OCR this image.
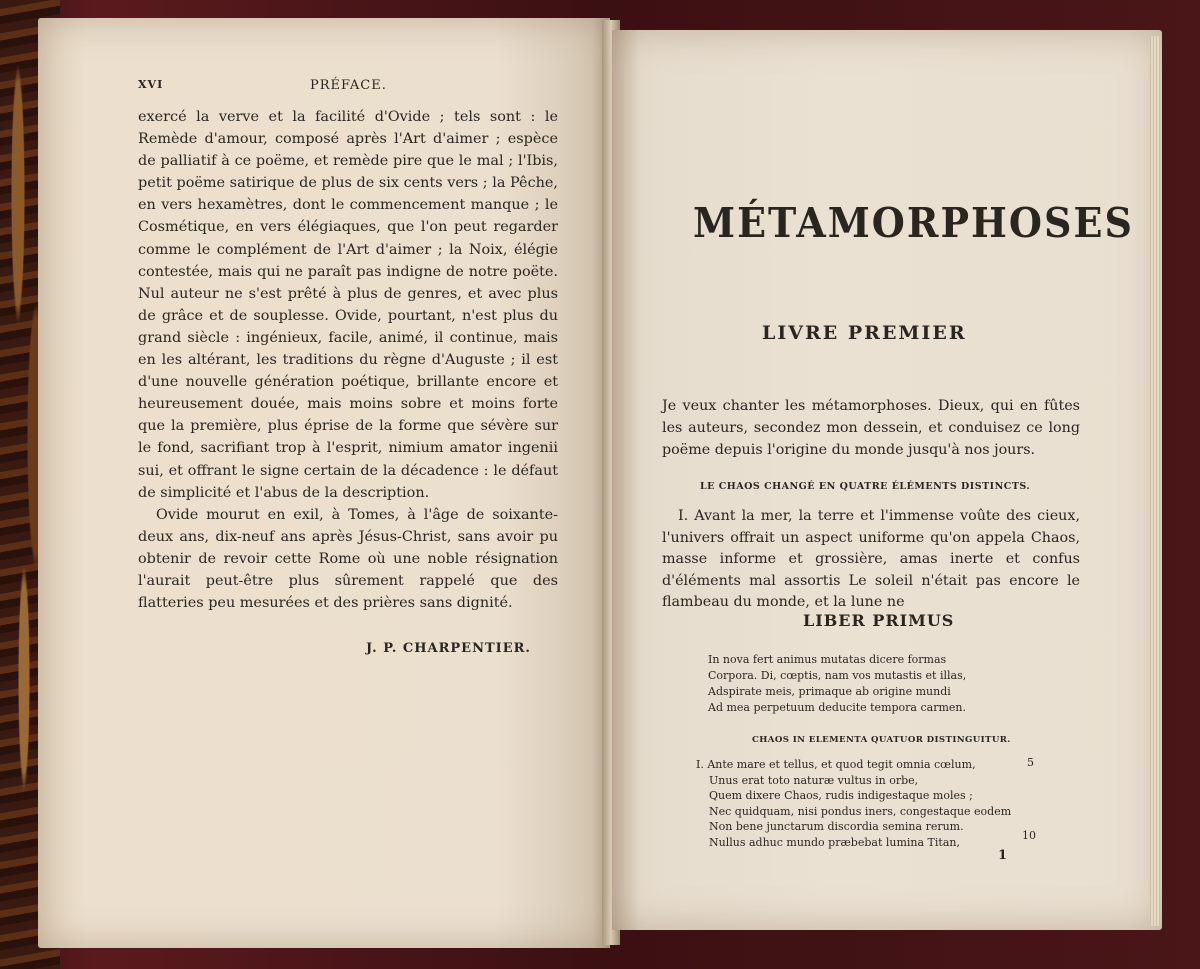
XVI	PRÉFACE.

exercé la verve et la facilité d'Ovide ; tels sont : le Remède d'amour, composé après l'Art d'aimer ; espèce de palliatif à ce poëme, et remède pire que le mal ; l'Ibis, petit poëme satirique de plus de six cents vers ; la Pêche, en vers hexamètres, dont le commencement manque ; le Cosmétique, en vers élégiaques, que l'on peut regarder comme le complément de l'Art d'aimer ; la Noix, élégie contestée, mais qui ne paraît pas indigne de notre poëte. Nul auteur ne s'est prêté à plus de genres, et avec plus de grâce et de souplesse. Ovide, pourtant, n'est plus du grand siècle : ingénieux, facile, animé, il continue, mais en les altérant, les traditions du règne d'Auguste ; il est d'une nouvelle génération poétique, brillante encore et heureusement douée, mais moins sobre et moins forte que la première, plus éprise de la forme que sévère sur le fond, sacrifiant trop à l'esprit, nimium amator ingenii sui, et offrant le signe certain de la décadence : le défaut de simplicité et l'abus de la description.

Ovide mourut en exil, à Tomes, à l'âge de soixante-deux ans, dix-neuf ans après Jésus-Christ, sans avoir pu obtenir de revoir cette Rome où une noble résignation l'aurait peut-être plus sûrement rappelé que des flatteries peu mesurées et des prières sans dignité.

J. P. CHARPENTIER.
MÉTAMORPHOSES
LIVRE PREMIER

Je veux chanter les métamorphoses. Dieux, qui en fûtes les auteurs, secondez mon dessein, et conduisez ce long poëme depuis l'origine du monde jusqu'à nos jours.

LE CHAOS CHANGÉ EN QUATRE ÉLÉMENTS DISTINCTS.

I. Avant la mer, la terre et l'immense voûte des cieux, l'univers offrait un aspect uniforme qu'on appela Chaos, masse informe et grossière, amas inerte et confus d'éléments mal assortis Le soleil n'était pas encore le flambeau du monde, et la lune ne

LIBER PRIMUS
In nova fert animus mutatas dicere formas
Corpora. Di, cœptis, nam vos mutastis et illas,
Adspirate meis, primaque ab origine mundi
Ad mea perpetuum deducite tempora carmen.
CHAOS IN ELEMENTA QUATUOR DISTINGUITUR.
I. Ante mare et tellus, et quod tegit omnia cœlum,
Unus erat toto naturæ vultus in orbe,
Quem dixere Chaos, rudis indigestaque moles ;
Nec quidquam, nisi pondus iners, congestaque eodem
Non bene junctarum discordia semina rerum.
Nullus adhuc mundo præbebat lumina Titan,
5
10
1
